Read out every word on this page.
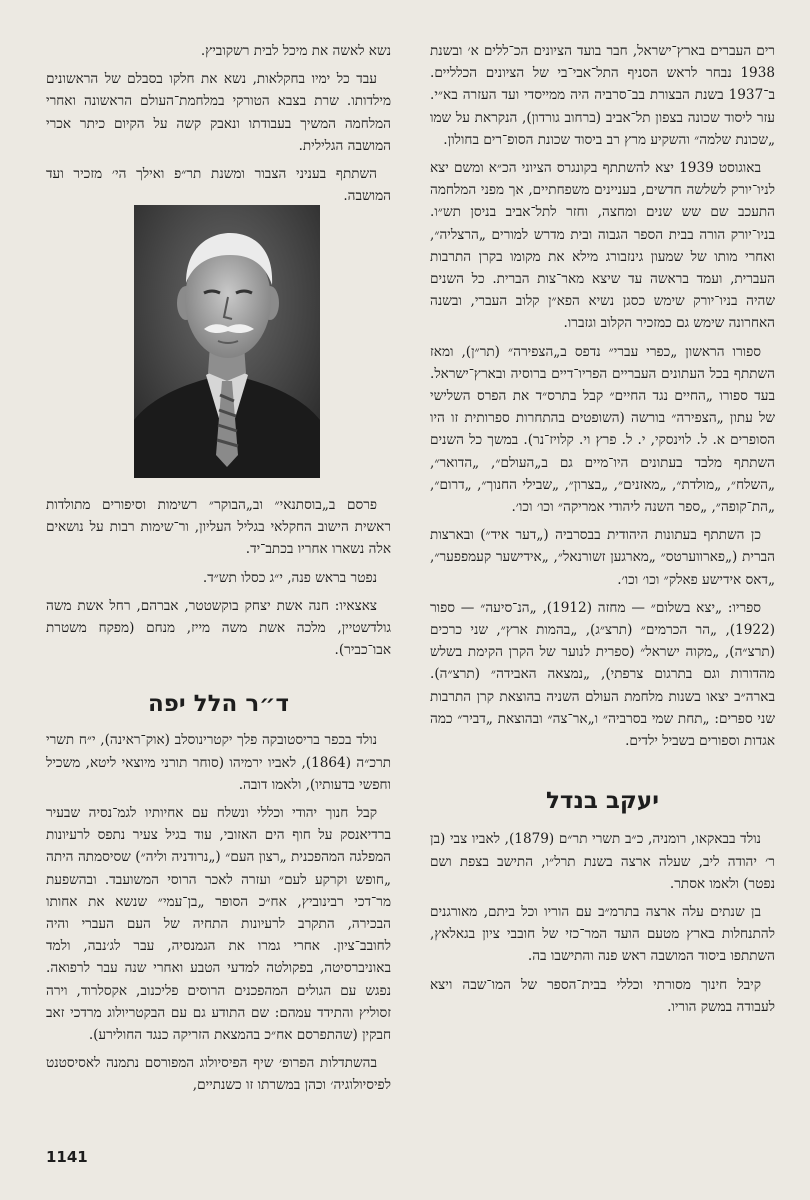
רים העברים בארץ־ישראל, חבר בועד הציונים הכ־ללים א׳ ובשנת 1938 נבחר לראש הסניף התל־אבי־בי של הציונים הכלליים. ב־1937 בשנת הבצורת בב־סרביה היה ממייסדי ועד העזרה בא״י. עזר ליסוד שכונה בצפון תל־אביב (ברחוב גורדון), הנקראת על שמו „שכונת שלמה״ והשקיע מרץ רב ביסוד שכונת הסופ־רים בחולון.

באוגוסט 1939 יצא להשתתף בקונגרס הציוני הכ״א ומשם יצא לניו־יורק לשלשה חדשים, בעניינים משפחתיים, אך מפני המלחמה התעכב שם שש שנים ומחצה, וחזר לתל־אביב בניסן תש״ו. בניו־יורק הורה בבית הספר הגבוה ובית מדרש למורים „הרצליה״, ואחרי מותו של שמעון גינזבורג מילא את מקומו בקרן התרבות העברית, ועמד בראשה עד שיצא מאר־צות הברית. כל השנים שהיה בניו־יורק שימש כסגן נשיא הפא״ן קלוב העברי, ובשנה האחרונה שימש גם כמזכיר הקלוב וגזברו.

ספורו הראשון „כפרי עברי״ נדפס ב„הצפירה״ (תר״ן), ומאז השתתף בכל העתונים העבריים הפריו־דיים ברוסיה ובארץ־ישראל. בעד ספורו „החיים נגד החיים״ קבל בתרס״ד את הפרס השלישי של עתון „הצפירה״ בורשה (השופטים בהתחרות ספרותית זו היו הסופרים א. ל. לוינסקי, י. ל. פרץ וי. קלויז־נר). במשך כל השנים השתתף מלבד בעתונים היו־מיים גם ב„העולם״, „הדואר״, „השלח״, „מולדת״, „מאזנים״, „בצרון״, „שבילי החנוך״, „דרום״, „הת־קופה״, „ספר השנה ליהודי אמריקה״ וכו׳ וכו׳.

כן השתתף בעתונות היהודית בבסרביה („דער איד״) ובארצות הברית („פארווערטס״ „מארגען זשורנאל״, „אידישער קעמפפער״, „דאס אידישע פאלק״ וכו׳ וכו׳.

ספריו: „יצא בשלום״ — מחזה (1912), „הנ־סיעה״ — ספור (1922), „הר הכרמים״ (תרצ״ג), „בהמות ארץ״, שני כרכים (תרצ״ה), „מקוה ישראל״ (ספרית לנוער של הקרן הקימת בשלש מהדורות וגם בתרגום צרפתי), „נמצאה האבידה״ (תרצ״ה). בארה״ב יצאו בשנות מלחמת העולם השניה בהוצאת קרן התרבות שני ספרים: „תחת שמי בסרביה״ ו„אר־צה״ ובהוצאת „דביר״ כמה אגדות וספורים בשביל ילדים.

יעקב בנדל

נולד בבאקאו, רומניה, כ״ב תשרי תר״ם (1879), לאביו צבי (בן ר׳ יהודה ליב, שעלה ארצה בשנת תרל״ו, התישב בצפת ושם נפטר) ולאמו אסתר.

בן שנתים עלה ארצה בתרמ״ב עם הוריו וכל ביתם, מאורגנים להתנחלות בארץ מטעם הועד המר־כזי של חובבי ציון בגאלאץ, השתתפו ביסוד המושבה ראש פנה והתישבו בה.

קיבל חינוך מסורתי וכללי בבית־הספר של המו־שבה ויצא לעבודה במשק הוריו.

נשא לאשה את מיכל לבית רשקוביץ.

עבד כל ימיו בחקלאות, נשא את חלקו בסבלם של הראשונים מילדותו. שרת בצבא הטורקי במלחמת־העולם הראשונה ואחרי המלחמה המשיך בעבודתו ונאבק קשה על הקיום כיתר אכרי המושבה הגלילית.

השתתף בעניני הצבור ומשנת תר״פ ואילך הי׳ מזכיר ועד המושבה.

פרסם ב„בוסתנאי״ וב„הבוקר״ רשימות וסיפורים מתולדות ראשית הישוב החקלאי בגליל העליון, ור־שימות רבות על נושאים אלה נשארו אחריו בכתב־יד.

נפטר בראש פנה, י״ג כסלו תש״ד.

צאצאיו: חנה אשת יצחק בוקשטטר, אברהם, רחל אשת משה גולדשטיין, מלכה אשת משה מייז, מנחם (מפקח משטרת אבו־כביר).

ד״ר הלל יפה

נולד בכפר בריסטובקה פלך יקטרינוסלב (אוק־ראינה), י״ח תשרי תרכ״ה (1864), לאביו ירמיהו (סוחר תורני מיוצאי ליטא, משכיל וחפשי בדעותיו), ולאמו דובה.

קבל חנוך יהודי וכללי ונשלח עם אחיותיו לגמ־נסיה שבעיר ברדיאנסק על חוף הים האזובי, עוד בגיל צעיר נתפס לרעיונות המפלגה המהפכנית „רצון העם״ („נרודניה וליה״) שסיסמתה היתה „חופש וקרקע לעם״ ועזרה לאכר הרוסי המשועבד. ובהשפעת מר־דכי רבינוביץ, אח״כ הסופר „בן־עמי״ שנשא את אחותו הבכירה, התקרב לרעיונות התחיה של העם העברי והיה לחובב־ציון. אחרי גמרו את הגמנסיה, עבר לג׳נבה, ולמד באוניברסיטה, בפקולטה למדעי הטבע ואחרי שנה עבר לרפואה. נפגש עם הגולים המהפכנים הרוסים פליכנוב, אקסלרוד, וירה זסוליץ והתידד עמהם: שם התודע גם עם הבקטריולוג מרדכי זאב חבקין (שהתפרסם אח״כ בהמצאת הזריקה כנגד החולירע).

בהשתדלות הפרופ׳ שיף הפיסיולוג המפורסם נתמנה לאסיסטנט לפיסיולוגיה׳ וכהן במשרתו זו כשנתיים,

1141
